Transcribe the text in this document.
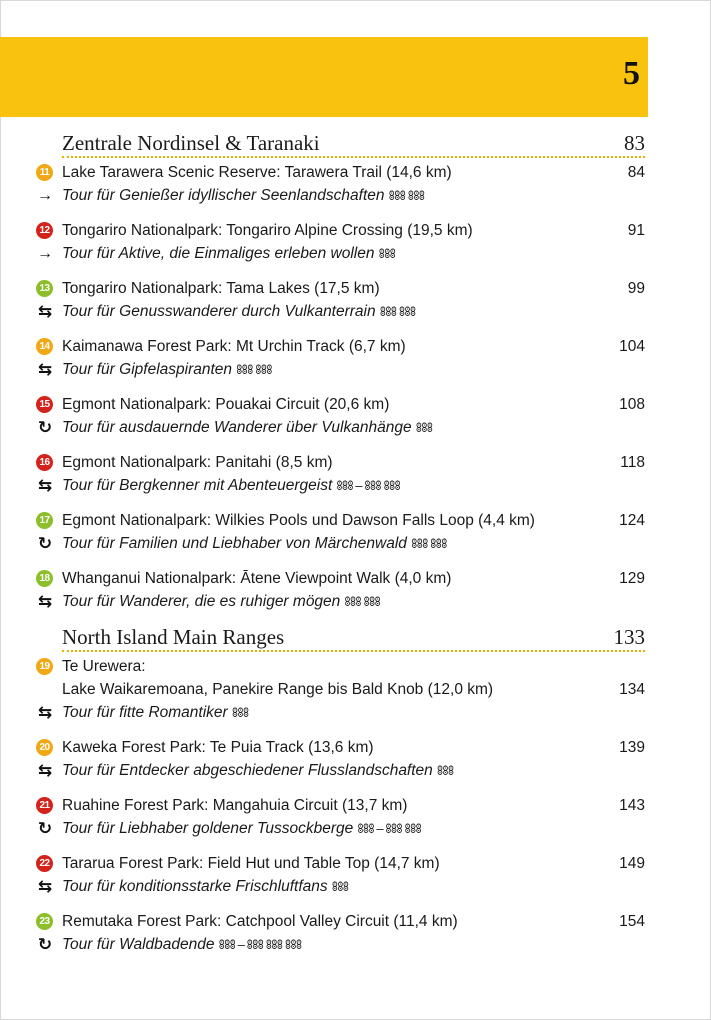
5
Zentrale Nordinsel & Taranaki	83
11 Lake Tarawera Scenic Reserve: Tarawera Trail (14,6 km)	84
→ Tour für Genießer idyllischer Seenlandschaften ꗚꗚꗚ ꗚꗚꗚ
12 Tongariro Nationalpark: Tongariro Alpine Crossing (19,5 km)	91
→ Tour für Aktive, die Einmaliges erleben wollen ꗚꗚꗚ
13 Tongariro Nationalpark: Tama Lakes (17,5 km)	99
⇆ Tour für Genusswanderer durch Vulkanterrain ꗚꗚꗚ ꗚꗚꗚ
14 Kaimanawa Forest Park: Mt Urchin Track (6,7 km)	104
⇆ Tour für Gipfelaspiranten ꗚꗚꗚ ꗚꗚꗚ
15 Egmont Nationalpark: Pouakai Circuit (20,6 km)	108
↻ Tour für ausdauernde Wanderer über Vulkanhänge ꗚꗚꗚ
16 Egmont Nationalpark: Panitahi (8,5 km)	118
⇆ Tour für Bergkenner mit Abenteuergeist ꗚꗚꗚ – ꗚꗚꗚ ꗚꗚꗚ
17 Egmont Nationalpark: Wilkies Pools und Dawson Falls Loop (4,4 km)	124
↻ Tour für Familien und Liebhaber von Märchenwald ꗚꗚꗚ ꗚꗚꗚ
18 Whanganui Nationalpark: Ātene Viewpoint Walk (4,0 km)	129
⇆ Tour für Wanderer, die es ruhiger mögen ꗚꗚꗚ ꗚꗚꗚ
North Island Main Ranges	133
19 Te Urewera:
Lake Waikaremoana, Panekire Range bis Bald Knob (12,0 km)	134
⇆ Tour für fitte Romantiker ꗚꗚꗚ
20 Kaweka Forest Park: Te Puia Track (13,6 km)	139
⇆ Tour für Entdecker abgeschiedener Flusslandschaften ꗚꗚꗚ
21 Ruahine Forest Park: Mangahuia Circuit (13,7 km)	143
↻ Tour für Liebhaber goldener Tussockberge ꗚꗚꗚ – ꗚꗚꗚ ꗚꗚꗚ
22 Tararua Forest Park: Field Hut und Table Top (14,7 km)	149
⇆ Tour für konditionsstarke Frischluftfans ꗚꗚꗚ
23 Remutaka Forest Park: Catchpool Valley Circuit (11,4 km)	154
↻ Tour für Waldbadende ꗚꗚꗚ – ꗚꗚꗚ ꗚꗚꗚ ꗚꗚꗚ
